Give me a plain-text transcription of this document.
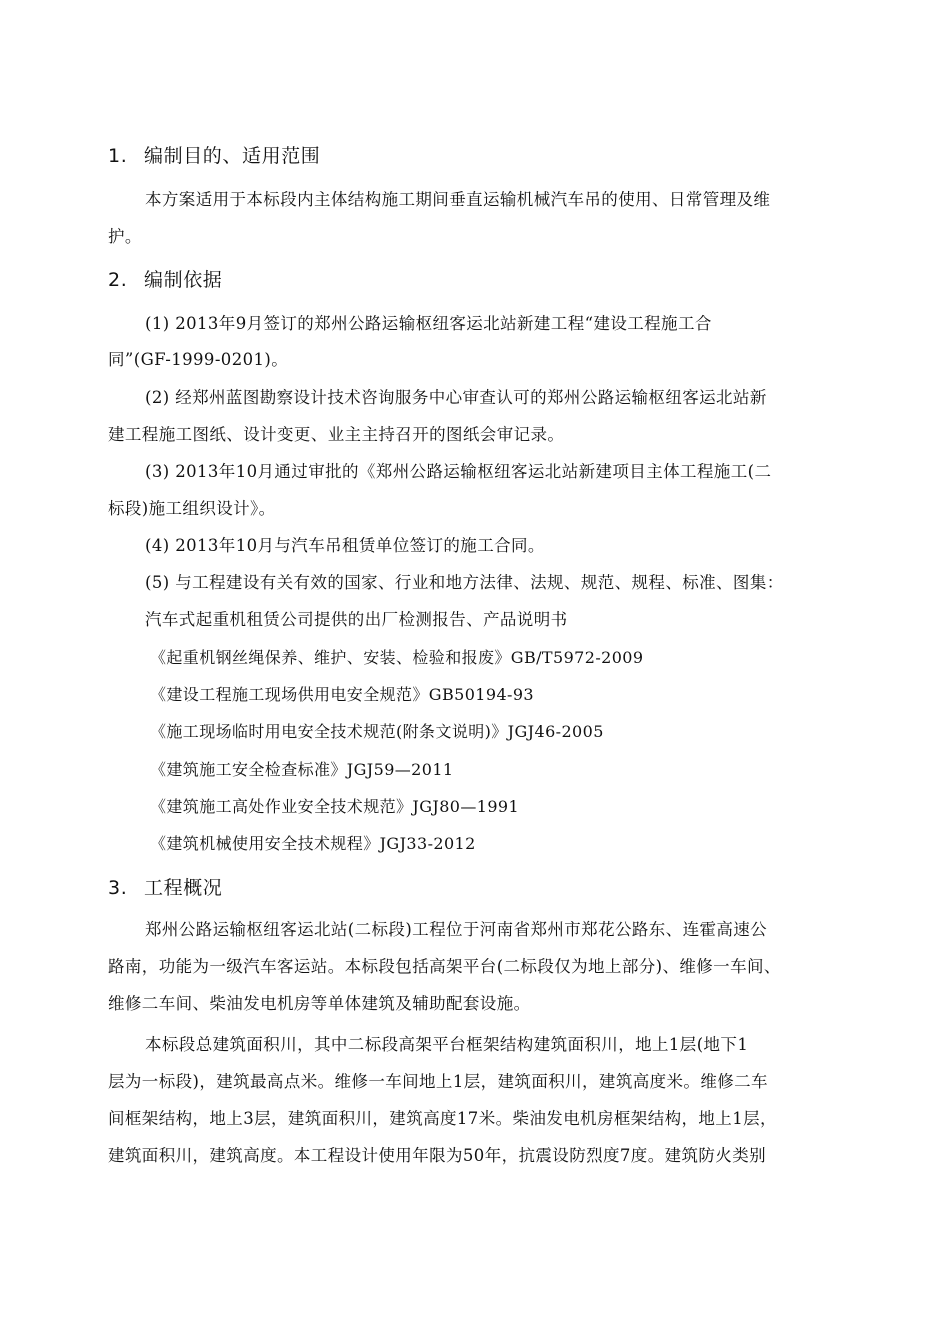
1. 编制目的、适用范围
本方案适用于本标段内主体结构施工期间垂直运输机械汽车吊的使用、日常管理及维
护。
2. 编制依据
(1) 2013年9月签订的郑州公路运输枢纽客运北站新建工程“建设工程施工合
同”(GF-1999-0201)。
(2) 经郑州蓝图勘察设计技术咨询服务中心审查认可的郑州公路运输枢纽客运北站新
建工程施工图纸、设计变更、业主主持召开的图纸会审记录。
(3) 2013年10月通过审批的《郑州公路运输枢纽客运北站新建项目主体工程施工(二
标段)施工组织设计》。
(4) 2013年10月与汽车吊租赁单位签订的施工合同。
(5) 与工程建设有关有效的国家、行业和地方法律、法规、规范、规程、标准、图集：
汽车式起重机租赁公司提供的出厂检测报告、产品说明书
《起重机钢丝绳保养、维护、安装、检验和报废》GB/T5972-2009
《建设工程施工现场供用电安全规范》GB50194-93
《施工现场临时用电安全技术规范(附条文说明)》JGJ46-2005
《建筑施工安全检查标准》JGJ59—2011
《建筑施工高处作业安全技术规范》JGJ80—1991
《建筑机械使用安全技术规程》JGJ33-2012
3. 工程概况
郑州公路运输枢纽客运北站(二标段)工程位于河南省郑州市郑花公路东、连霍高速公
路南，功能为一级汽车客运站。本标段包括高架平台(二标段仅为地上部分)、维修一车间、
维修二车间、柴油发电机房等单体建筑及辅助配套设施。
本标段总建筑面积川，其中二标段高架平台框架结构建筑面积川，地上1层(地下1
层为一标段)，建筑最高点米。维修一车间地上1层，建筑面积川，建筑高度米。维修二车
间框架结构，地上3层，建筑面积川，建筑高度17米。柴油发电机房框架结构，地上1层，
建筑面积川，建筑高度。本工程设计使用年限为50年，抗震设防烈度7度。建筑防火类别
